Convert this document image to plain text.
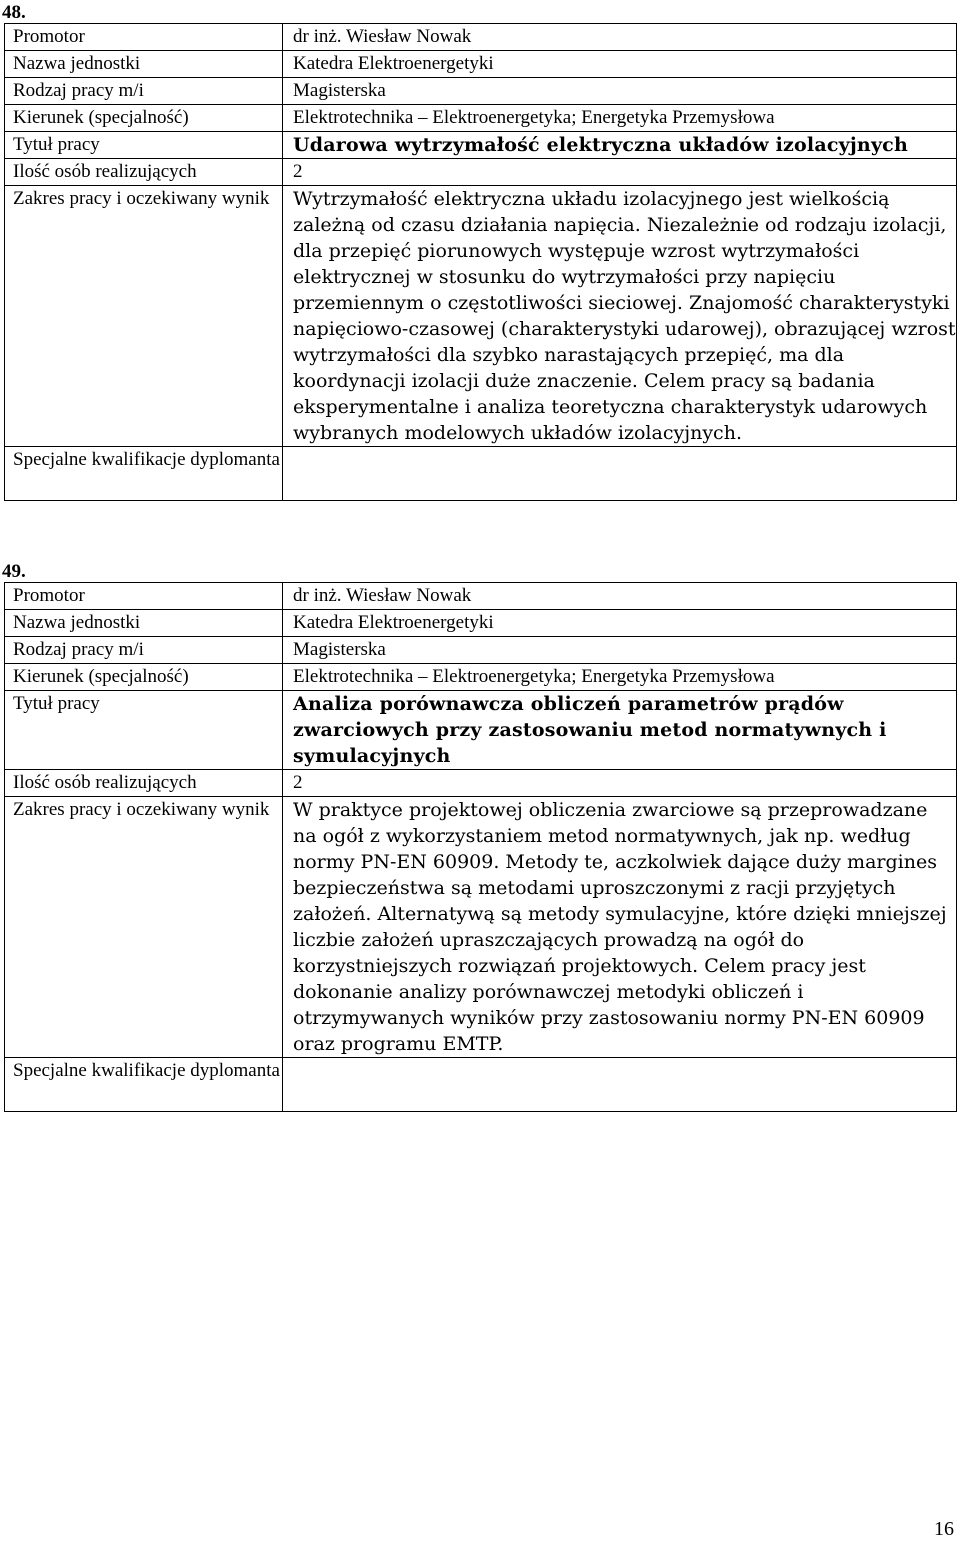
48.
Promotor	dr inż. Wiesław Nowak
Nazwa jednostki	Katedra Elektroenergetyki
Rodzaj pracy m/i	Magisterska
Kierunek (specjalność)	Elektrotechnika – Elektroenergetyka; Energetyka Przemysłowa
Tytuł pracy	Udarowa wytrzymałość elektryczna układów izolacyjnych
Ilość osób realizujących	2
Zakres pracy i oczekiwany wynik	Wytrzymałość elektryczna układu izolacyjnego jest wielkością zależną od czasu działania napięcia. Niezależnie od rodzaju izolacji, dla przepięć piorunowych występuje wzrost wytrzymałości elektrycznej w stosunku do wytrzymałości przy napięciu przemiennym o częstotliwości sieciowej. Znajomość charakterystyki napięciowo-czasowej (charakterystyki udarowej), obrazującej wzrost wytrzymałości dla szybko narastających przepięć, ma dla koordynacji izolacji duże znaczenie. Celem pracy są badania eksperymentalne i analiza teoretyczna charakterystyk udarowych wybranych modelowych układów izolacyjnych.
Specjalne kwalifikacje dyplomanta	
49.
Promotor	dr inż. Wiesław Nowak
Nazwa jednostki	Katedra Elektroenergetyki
Rodzaj pracy m/i	Magisterska
Kierunek (specjalność)	Elektrotechnika – Elektroenergetyka; Energetyka Przemysłowa
Tytuł pracy	Analiza porównawcza obliczeń parametrów prądów zwarciowych przy zastosowaniu metod normatywnych i symulacyjnych
Ilość osób realizujących	2
Zakres pracy i oczekiwany wynik	W praktyce projektowej obliczenia zwarciowe są przeprowadzane na ogół z wykorzystaniem metod normatywnych, jak np. według normy PN-EN 60909. Metody te, aczkolwiek dające duży margines bezpieczeństwa są metodami uproszczonymi z racji przyjętych założeń. Alternatywą są metody symulacyjne, które dzięki mniejszej liczbie założeń upraszczających prowadzą na ogół do korzystniejszych rozwiązań projektowych. Celem pracy jest dokonanie analizy porównawczej metodyki obliczeń i otrzymywanych wyników przy zastosowaniu normy PN-EN 60909 oraz programu EMTP.
Specjalne kwalifikacje dyplomanta	
16
